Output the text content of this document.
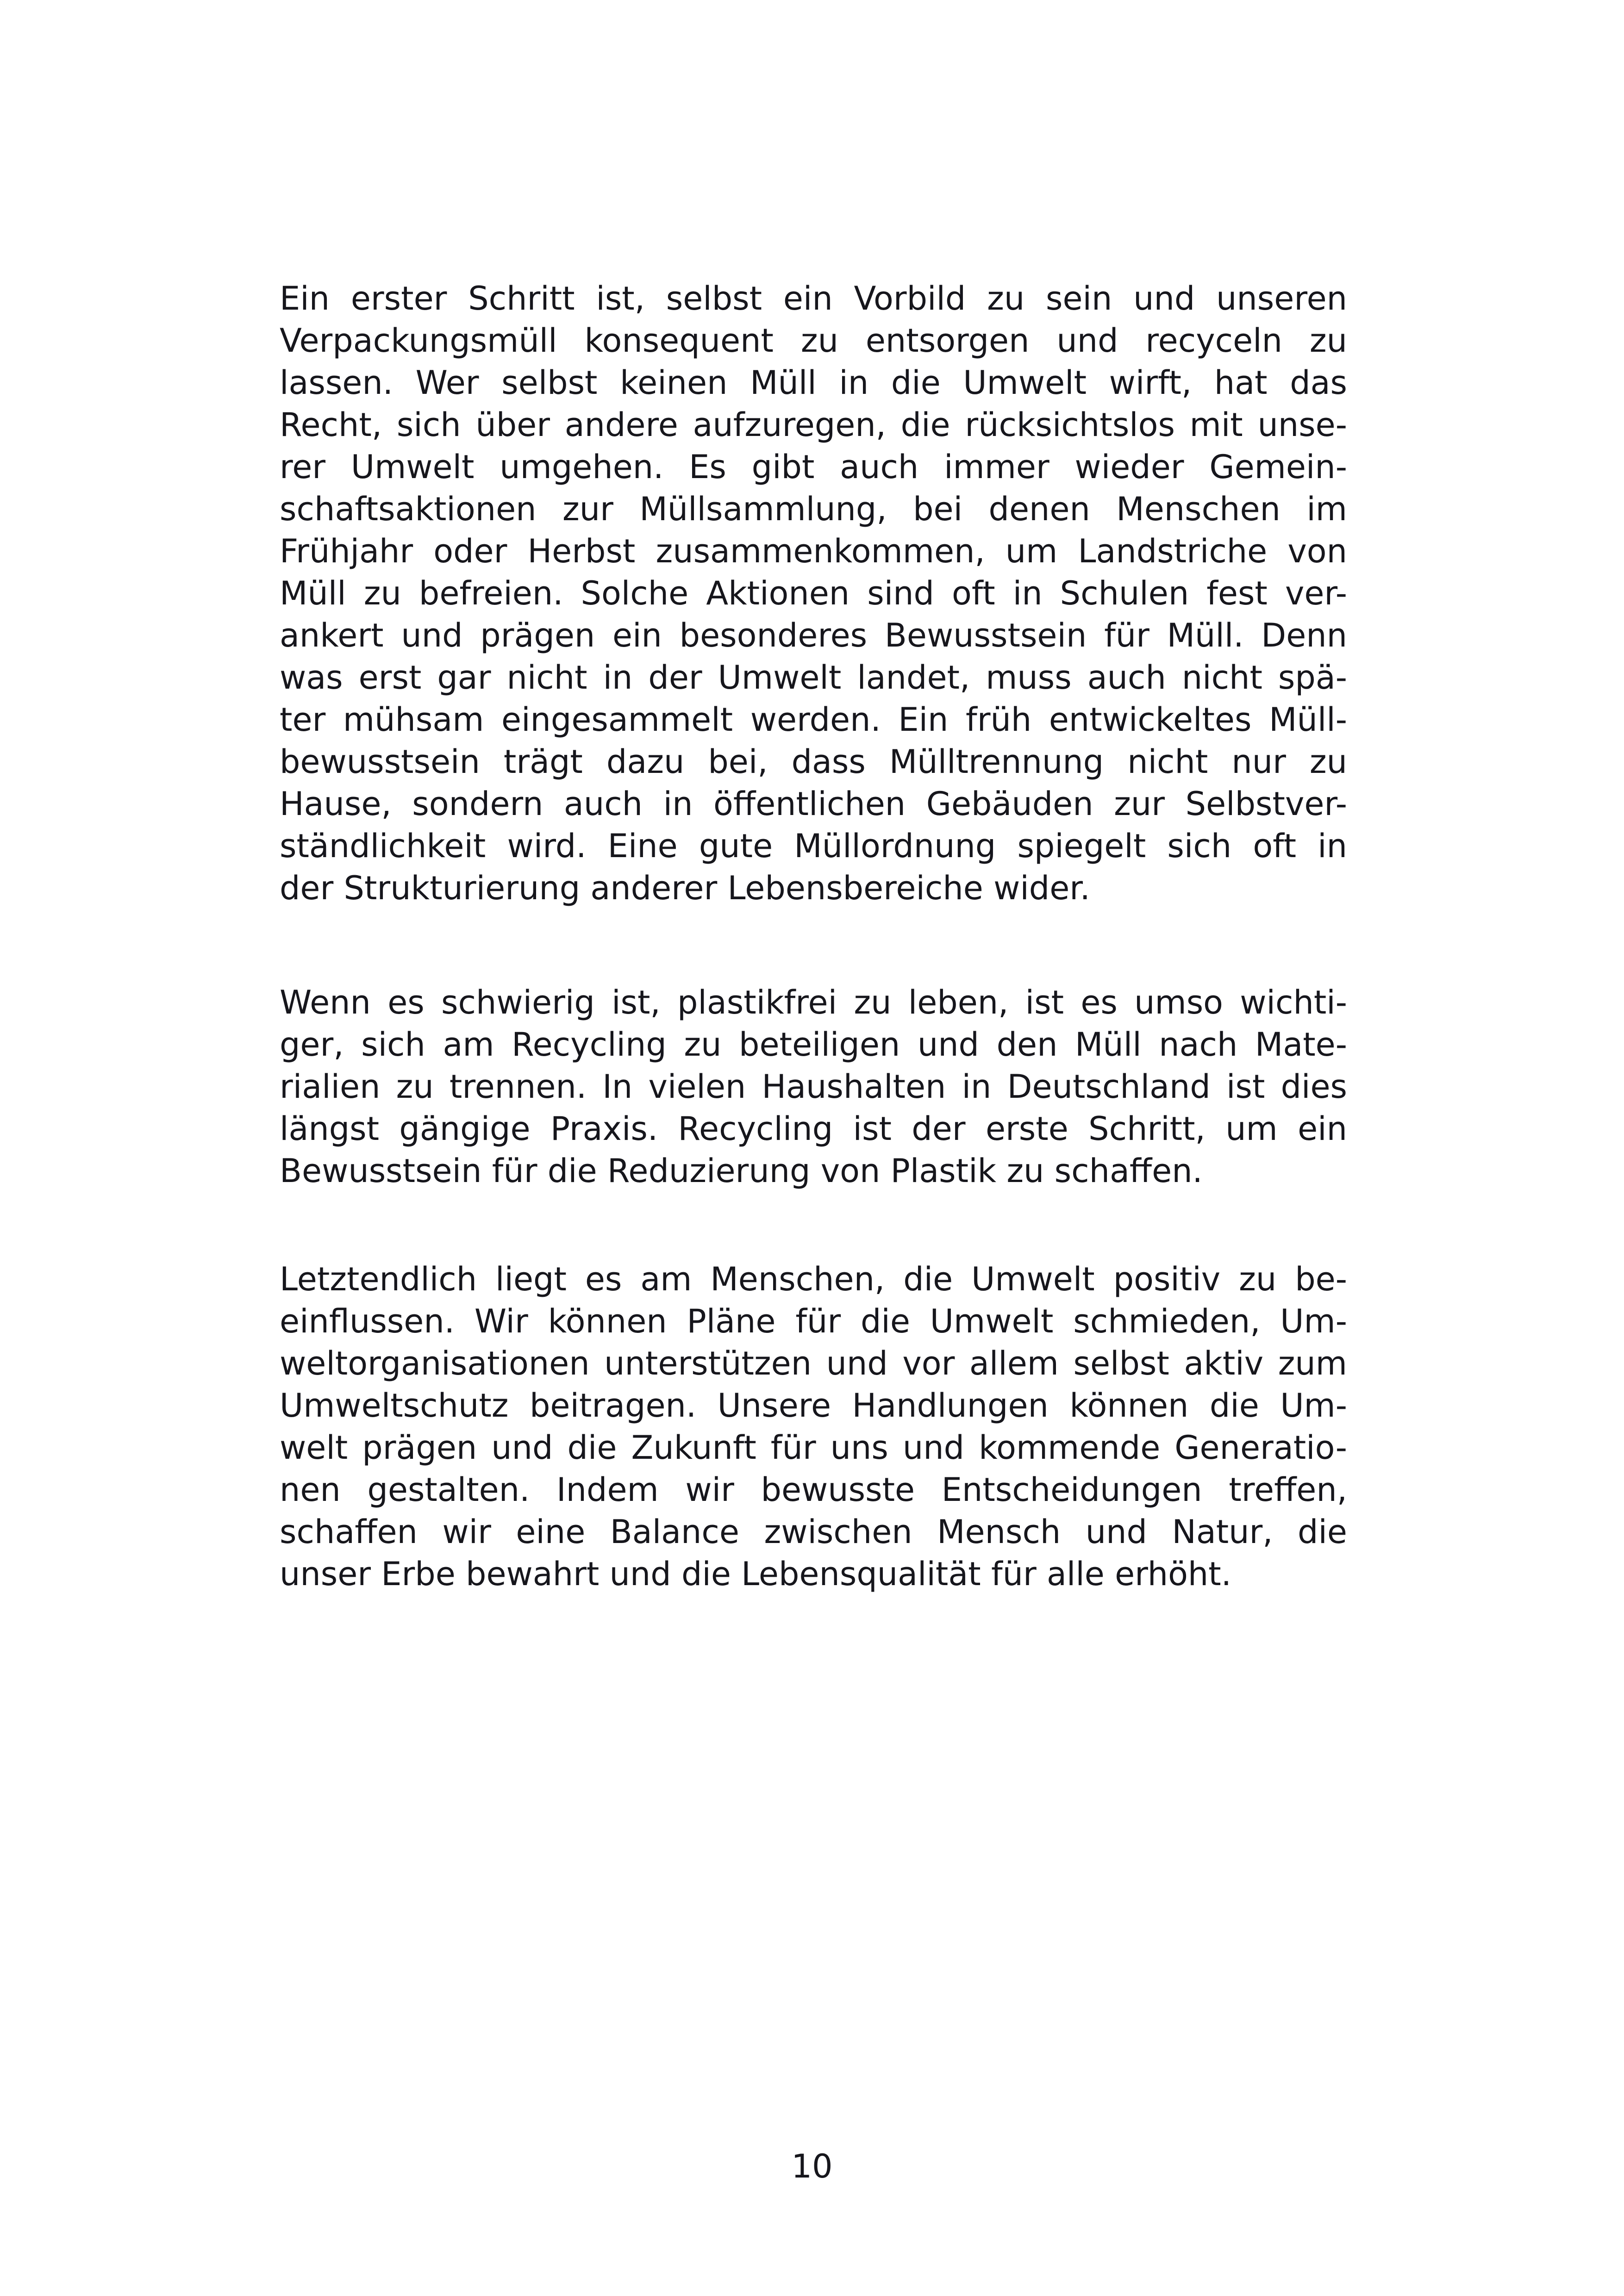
Ein erster Schritt ist, selbst ein Vorbild zu sein und unseren
Verpackungsmüll konsequent zu entsorgen und recyceln zu
lassen. Wer selbst keinen Müll in die Umwelt wirft, hat das
Recht, sich über andere aufzuregen, die rücksichtslos mit unse-
rer Umwelt umgehen. Es gibt auch immer wieder Gemein-
schaftsaktionen zur Müllsammlung, bei denen Menschen im
Frühjahr oder Herbst zusammenkommen, um Landstriche von
Müll zu befreien. Solche Aktionen sind oft in Schulen fest ver-
ankert und prägen ein besonderes Bewusstsein für Müll. Denn
was erst gar nicht in der Umwelt landet, muss auch nicht spä-
ter mühsam eingesammelt werden. Ein früh entwickeltes Müll-
bewusstsein trägt dazu bei, dass Mülltrennung nicht nur zu
Hause, sondern auch in öffentlichen Gebäuden zur Selbstver-
ständlichkeit wird. Eine gute Müllordnung spiegelt sich oft in
der Strukturierung anderer Lebensbereiche wider.
Wenn es schwierig ist, plastikfrei zu leben, ist es umso wichti-
ger, sich am Recycling zu beteiligen und den Müll nach Mate-
rialien zu trennen. In vielen Haushalten in Deutschland ist dies
längst gängige Praxis. Recycling ist der erste Schritt, um ein
Bewusstsein für die Reduzierung von Plastik zu schaffen.
Letztendlich liegt es am Menschen, die Umwelt positiv zu be-
einflussen. Wir können Pläne für die Umwelt schmieden, Um-
weltorganisationen unterstützen und vor allem selbst aktiv zum
Umweltschutz beitragen. Unsere Handlungen können die Um-
welt prägen und die Zukunft für uns und kommende Generatio-
nen gestalten. Indem wir bewusste Entscheidungen treffen,
schaffen wir eine Balance zwischen Mensch und Natur, die
unser Erbe bewahrt und die Lebensqualität für alle erhöht.
10
